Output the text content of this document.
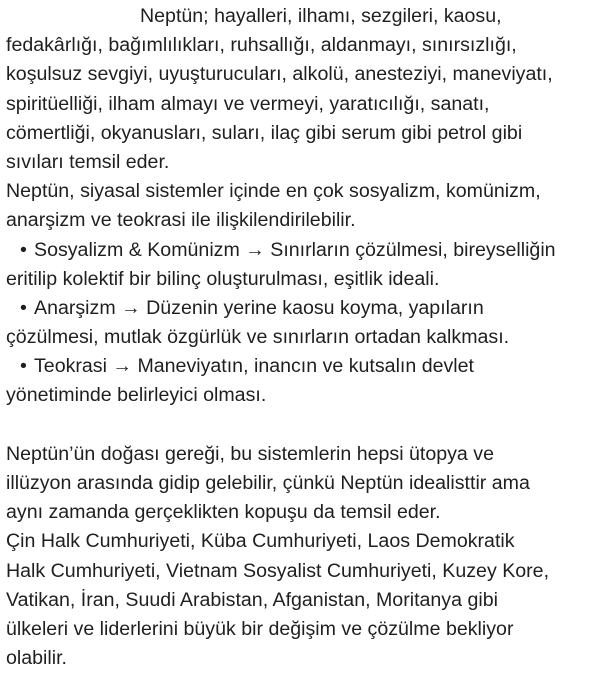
Neptün; hayalleri, ilhamı, sezgileri, kaosu,
fedakârlığı, bağımlılıkları, ruhsallığı, aldanmayı, sınırsızlığı,
koşulsuz sevgiyi, uyuşturucuları, alkolü, anesteziyi, maneviyatı,
spiritüelliği, ilham almayı ve vermeyi, yaratıcılığı, sanatı,
cömertliği, okyanusları, suları, ilaç gibi serum gibi petrol gibi
sıvıları temsil eder.
Neptün, siyasal sistemler içinde en çok sosyalizm, komünizm,
anarşizm ve teokrasi ile ilişkilendirilebilir.
• Sosyalizm & Komünizm → Sınırların çözülmesi, bireyselliğin
eritilip kolektif bir bilinç oluşturulması, eşitlik ideali.
• Anarşizm → Düzenin yerine kaosu koyma, yapıların
çözülmesi, mutlak özgürlük ve sınırların ortadan kalkması.
• Teokrasi → Maneviyatın, inancın ve kutsalın devlet
yönetiminde belirleyici olması.
Neptün’ün doğası gereği, bu sistemlerin hepsi ütopya ve
illüzyon arasında gidip gelebilir, çünkü Neptün idealisttir ama
aynı zamanda gerçeklikten kopuşu da temsil eder.
Çin Halk Cumhuriyeti, Küba Cumhuriyeti, Laos Demokratik
Halk Cumhuriyeti, Vietnam Sosyalist Cumhuriyeti, Kuzey Kore,
Vatikan, İran, Suudi Arabistan, Afganistan, Moritanya gibi
ülkeleri ve liderlerini büyük bir değişim ve çözülme bekliyor
olabilir.
